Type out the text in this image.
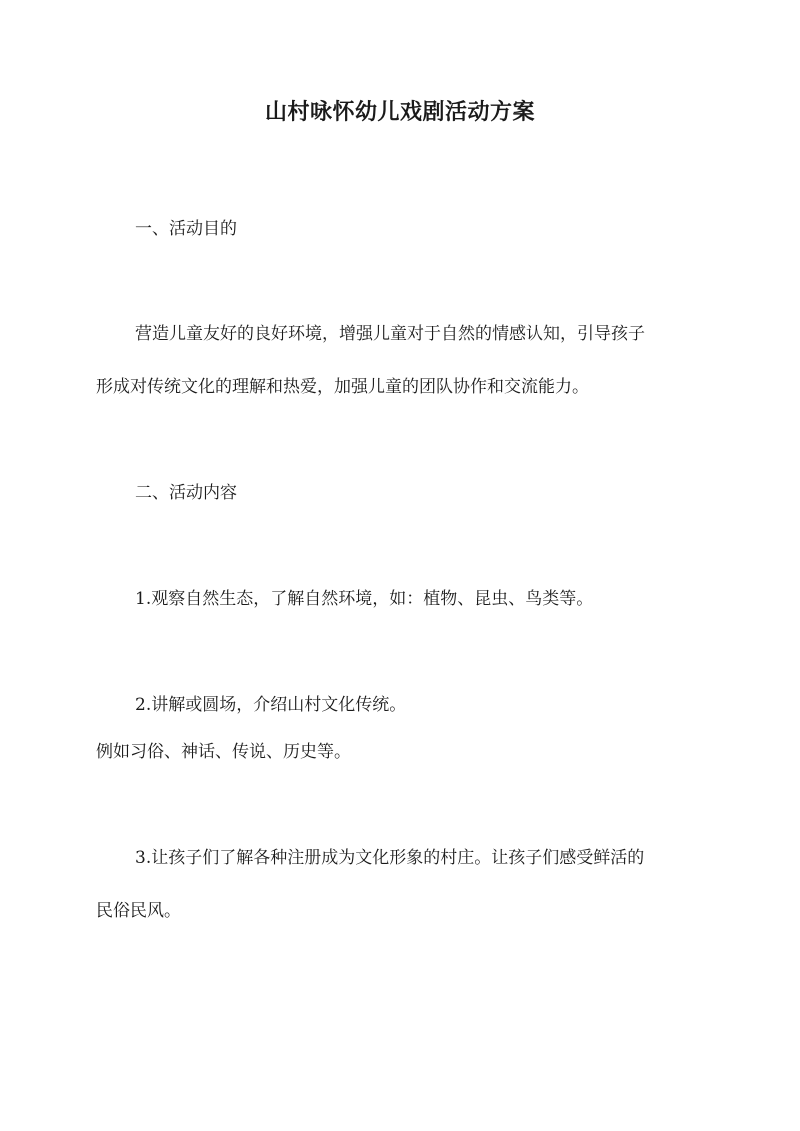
山村咏怀幼儿戏剧活动方案
一、活动目的
营造儿童友好的良好环境，增强儿童对于自然的情感认知，引导孩子
形成对传统文化的理解和热爱，加强儿童的团队协作和交流能力。
二、活动内容
1.观察自然生态，了解自然环境，如：植物、昆虫、鸟类等。
2.讲解或圆场，介绍山村文化传统。
例如习俗、神话、传说、历史等。
3.让孩子们了解各种注册成为文化形象的村庄。让孩子们感受鲜活的
民俗民风。
